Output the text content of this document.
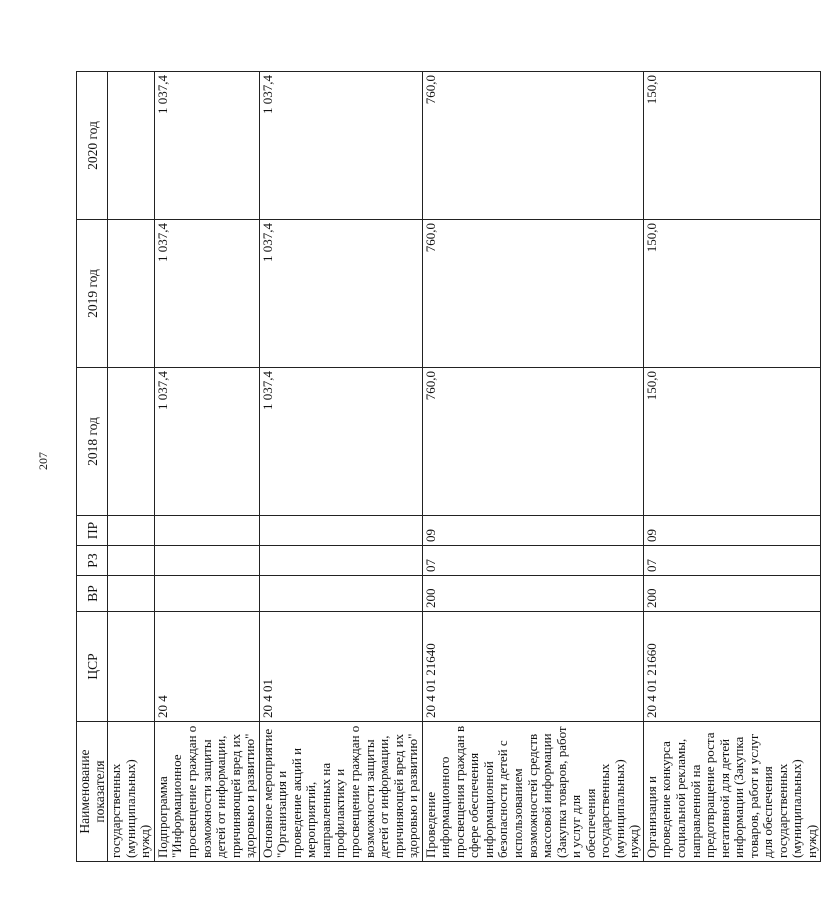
207
Наименование показателя	ЦСР	ВР	РЗ	ПР	2018 год	2019 год	2020 год
государственных (муниципальных) нужд)							
Подпрограмма "Информационное просвещение граждан о возможности защиты детей от информации, причиняющей вред их здоровью и развитию"	20 4				1 037,4	1 037,4	1 037,4
Основное мероприятие "Организация и проведение акций и мероприятий, направленных на профилактику и просвещение граждан о возможности защиты детей от информации, причиняющей вред их здоровью и развитию"	20 4 01				1 037,4	1 037,4	1 037,4
Проведение информационного просвещения граждан в сфере обеспечения информационной безопасности детей с использованием возможностей средств массовой информации (Закупка товаров, работ и услуг для обеспечения государственных (муниципальных) нужд)	20 4 01 21640	200	07	09	760,0	760,0	760,0
Организация и проведение конкурса социальной рекламы, направленной на предотвращение роста негативной для детей информации (Закупка товаров, работ и услуг для обеспечения государственных (муниципальных) нужд)	20 4 01 21660	200	07	09	150,0	150,0	150,0
